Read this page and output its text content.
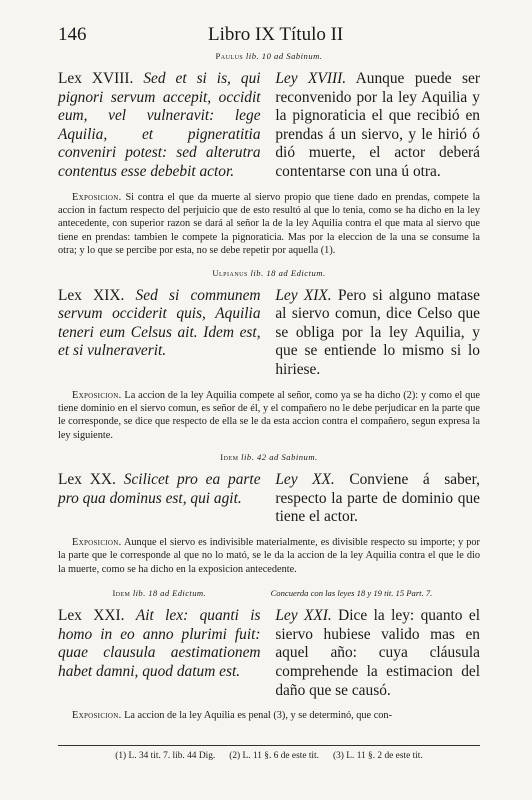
146	Libro IX Título II
Paulus lib. 10 ad Sabinum.
Lex XVIII. Sed et si is, qui pignori servum accepit, occidit eum, vel vulneravit: lege Aquilia, et pigneratitia conveniri potest: sed alterutra contentus esse debebit actor.
Ley XVIII. Aunque puede ser reconvenido por la ley Aquilia y la pignoraticia el que recibió en prendas á un siervo, y le hirió ó dió muerte, el actor deberá contentarse con una ú otra.
Exposicion. Si contra el que da muerte al siervo propio que tiene dado en prendas, compete la accion in factum respecto del perjuicio que de esto resultó al que lo tenia, como se ha dicho en la ley antecedente, con superior razon se dará al señor la de la ley Aquilia contra el que mata al siervo que tiene en prendas: tambien le compete la pignoraticia. Mas por la eleccion de la una se consume la otra; y lo que se percibe por esta, no se debe repetir por aquella (1).
Ulpianus lib. 18 ad Edictum.
Lex XIX. Sed si communem servum occiderit quis, Aquilia teneri eum Celsus ait. Idem est, et si vulneraverit.
Ley XIX. Pero si alguno matase al siervo comun, dice Celso que se obliga por la ley Aquilia, y que se entiende lo mismo si lo hiriese.
Exposicion. La accion de la ley Aquilia compete al señor, como ya se ha dicho (2): y como el que tiene dominio en el siervo comun, es señor de él, y el compañero no le debe perjudicar en la parte que le corresponde, se dice que respecto de ella se le da esta accion contra el compañero, segun expresa la ley siguiente.
Idem lib. 42 ad Sabinum.
Lex XX. Scilicet pro ea parte pro qua dominus est, qui agit.
Ley XX. Conviene á saber, respecto la parte de dominio que tiene el actor.
Exposicion. Aunque el siervo es indivisible materialmente, es divisible respecto su importe; y por la parte que le corresponde al que no lo mató, se le da la accion de la ley Aquilia contra el que le dio la muerte, como se ha dicho en la exposicion antecedente.
Idem lib. 18 ad Edictum.	Concuerda con las leyes 18 y 19 tit. 15 Part. 7.
Lex XXI. Ait lex: quanti is homo in eo anno plurimi fuit: quae clausula aestimationem habet damni, quod datum est.
Ley XXI. Dice la ley: quanto el siervo hubiese valido mas en aquel año: cuya cláusula comprehende la estimacion del daño que se causó.
Exposicion. La accion de la ley Aquilia es penal (3), y se determinó, que con-
(1) L. 34 tit. 7. lib. 44 Dig. (2) L. 11 §. 6 de este tit. (3) L. 11 §. 2 de este tit.
